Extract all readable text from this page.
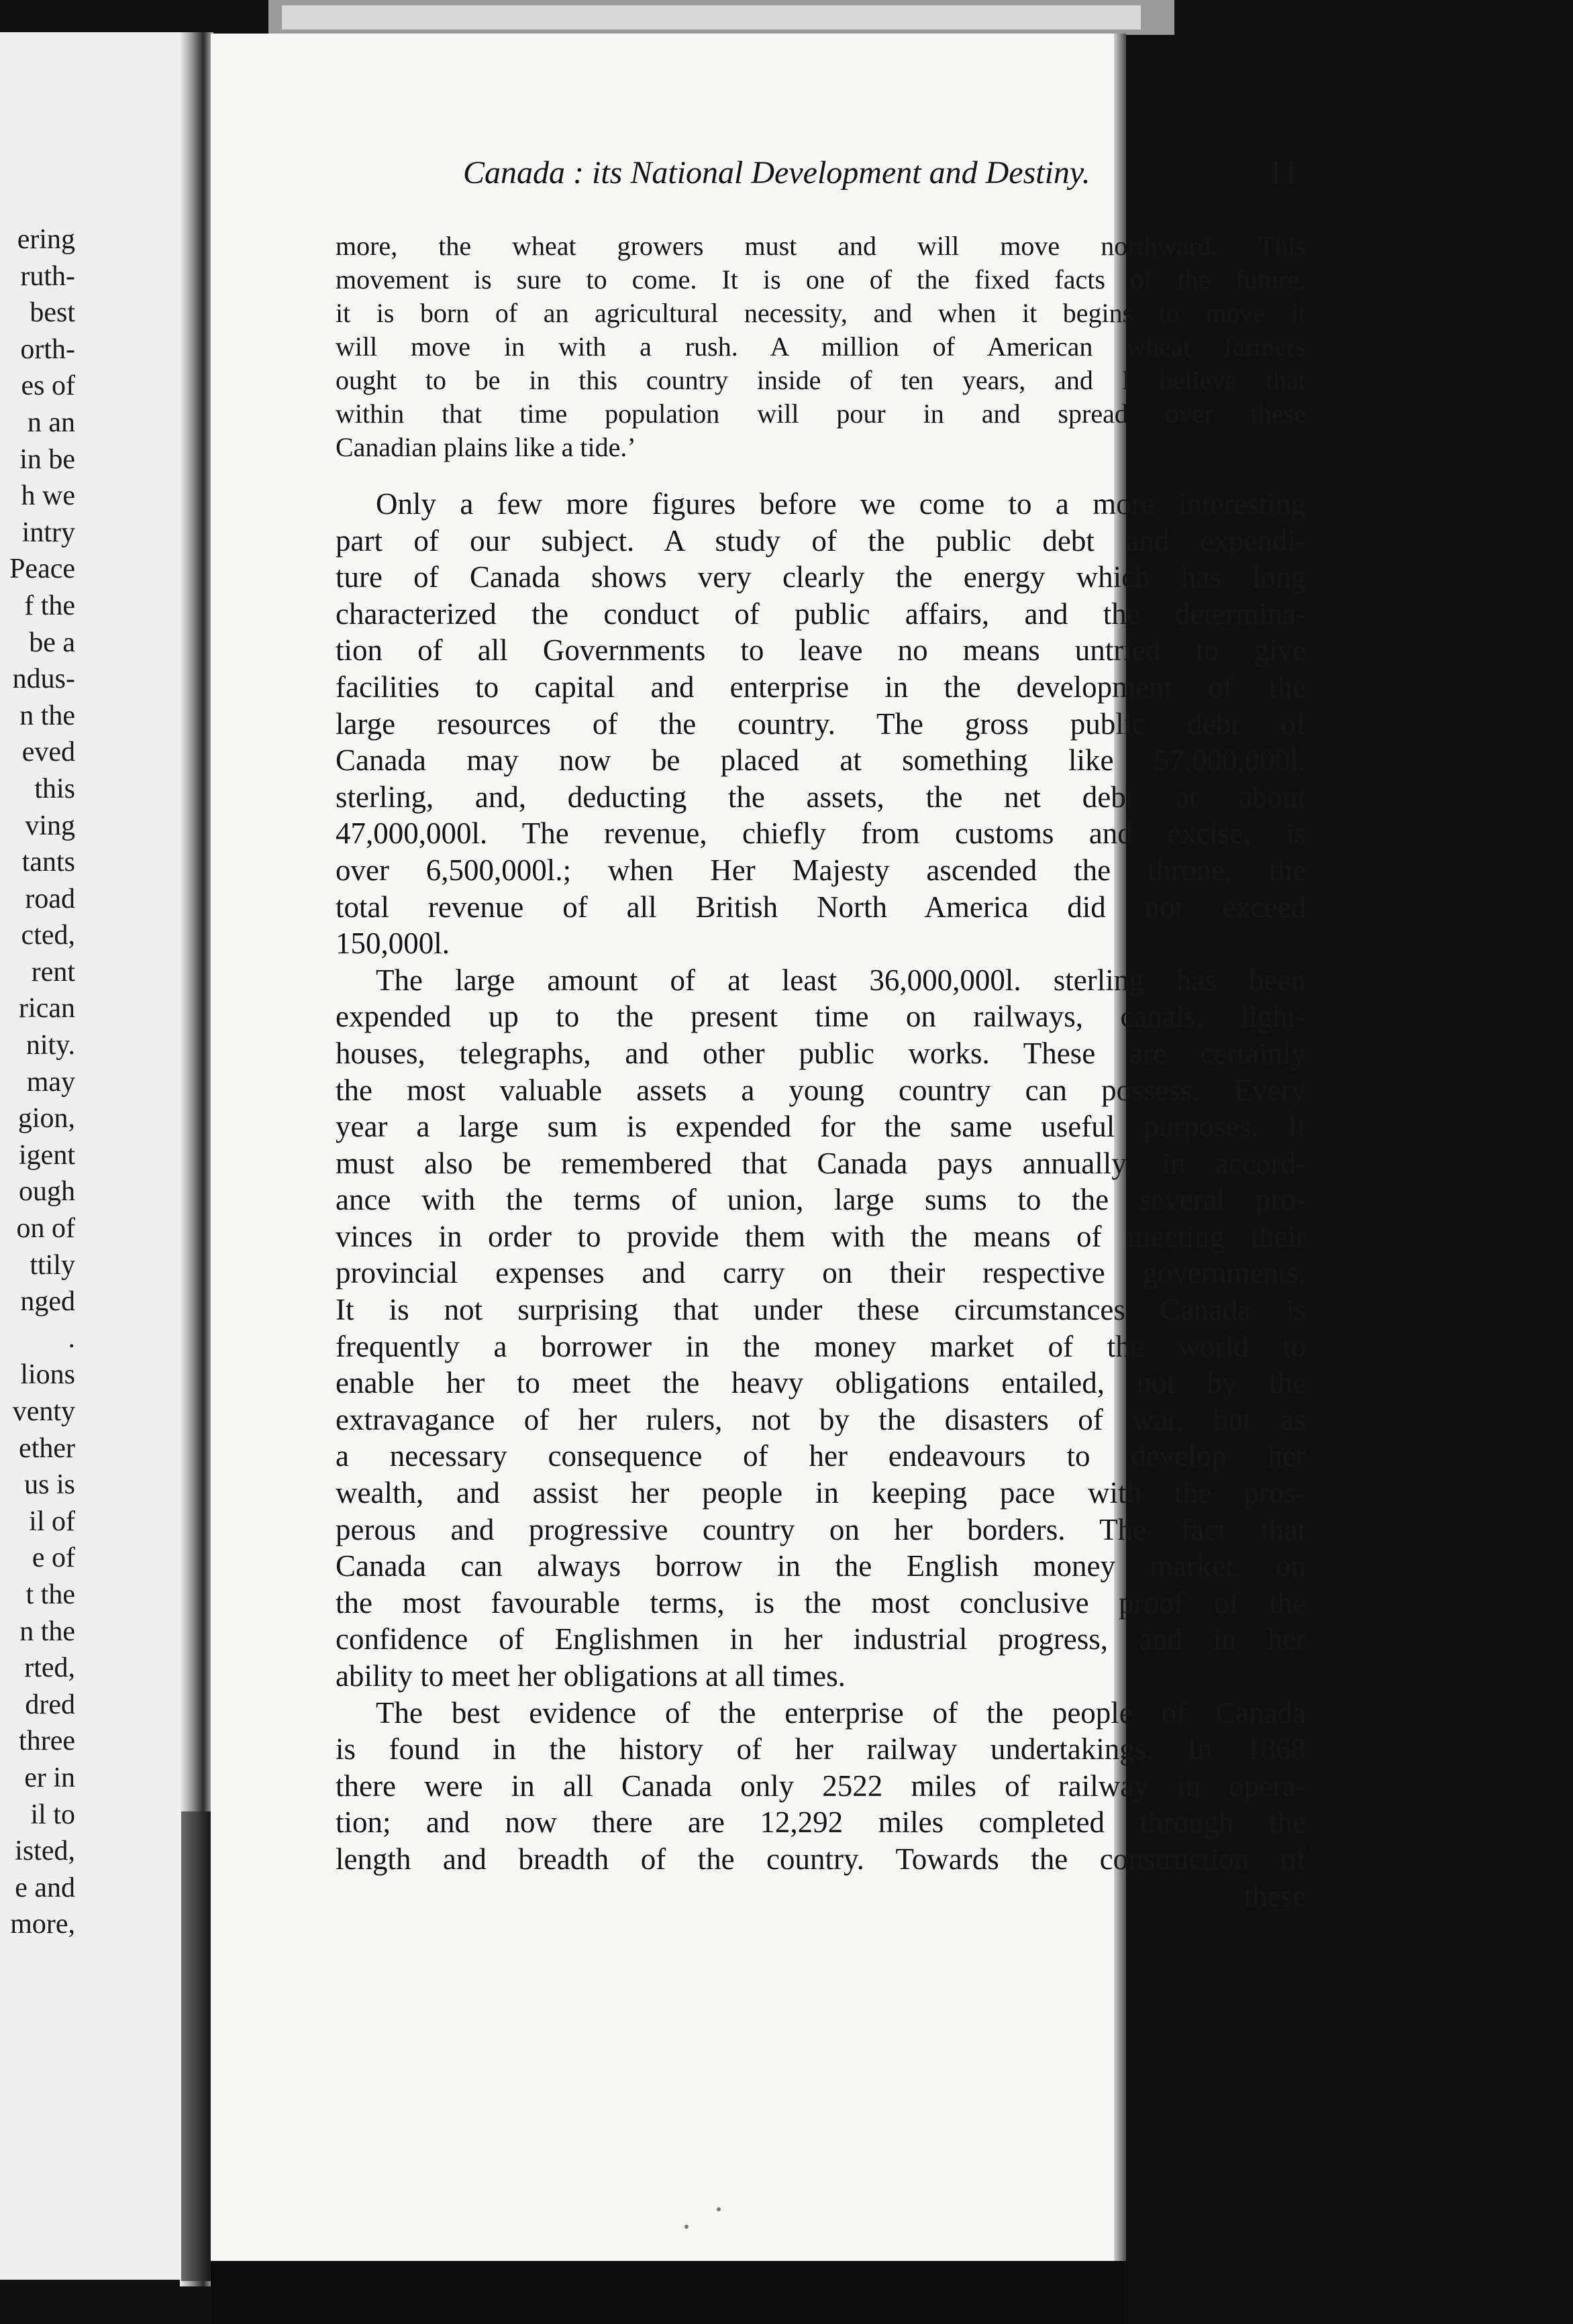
ering
ruth-
best
orth-
es of
n an
in be
h we
intry
Peace
f the
be a
ndus-
n the
eved
this
ving
tants
road
cted,
rent
rican
nity.
may
gion,
igent
ough
on of
ttily
nged
.
lions
venty
ether
us is
il of
e of
t the
n the
rted,
dred
three
er in
il to
isted,
e and
more,
Canada : its National Development and Destiny.	11
more, the wheat growers must and will move northward. This
movement is sure to come. It is one of the fixed facts of the future,
it is born of an agricultural necessity, and when it begins to move it
will move in with a rush. A million of American wheat farmers
ought to be in this country inside of ten years, and I believe that
within that time population will pour in and spread over these
Canadian plains like a tide.’
Only a few more figures before we come to a more interesting
part of our subject. A study of the public debt and expendi-
ture of Canada shows very clearly the energy which has long
characterized the conduct of public affairs, and the determina-
tion of all Governments to leave no means untried to give
facilities to capital and enterprise in the development of the
large resources of the country. The gross public debt of
Canada may now be placed at something like 57,000,000l.
sterling, and, deducting the assets, the net debt at about
47,000,000l. The revenue, chiefly from customs and excise, is
over 6,500,000l.; when Her Majesty ascended the throne, the
total revenue of all British North America did not exceed
150,000l.
The large amount of at least 36,000,000l. sterling has been
expended up to the present time on railways, canals, light-
houses, telegraphs, and other public works. These are certainly
the most valuable assets a young country can possess. Every
year a large sum is expended for the same useful purposes. It
must also be remembered that Canada pays annually, in accord-
ance with the terms of union, large sums to the several pro-
vinces in order to provide them with the means of meeting their
provincial expenses and carry on their respective governments.
It is not surprising that under these circumstances Canada is
frequently a borrower in the money market of the world to
enable her to meet the heavy obligations entailed, not by the
extravagance of her rulers, not by the disasters of war, but as
a necessary consequence of her endeavours to develop her
wealth, and assist her people in keeping pace with the pros-
perous and progressive country on her borders. The fact that
Canada can always borrow in the English money market, on
the most favourable terms, is the most conclusive proof of the
confidence of Englishmen in her industrial progress, and in her
ability to meet her obligations at all times.
The best evidence of the enterprise of the people of Canada
is found in the history of her railway undertakings. In 1868
there were in all Canada only 2522 miles of railway in opera-
tion; and now there are 12,292 miles completed through the
length and breadth of the country. Towards the construction of
these
